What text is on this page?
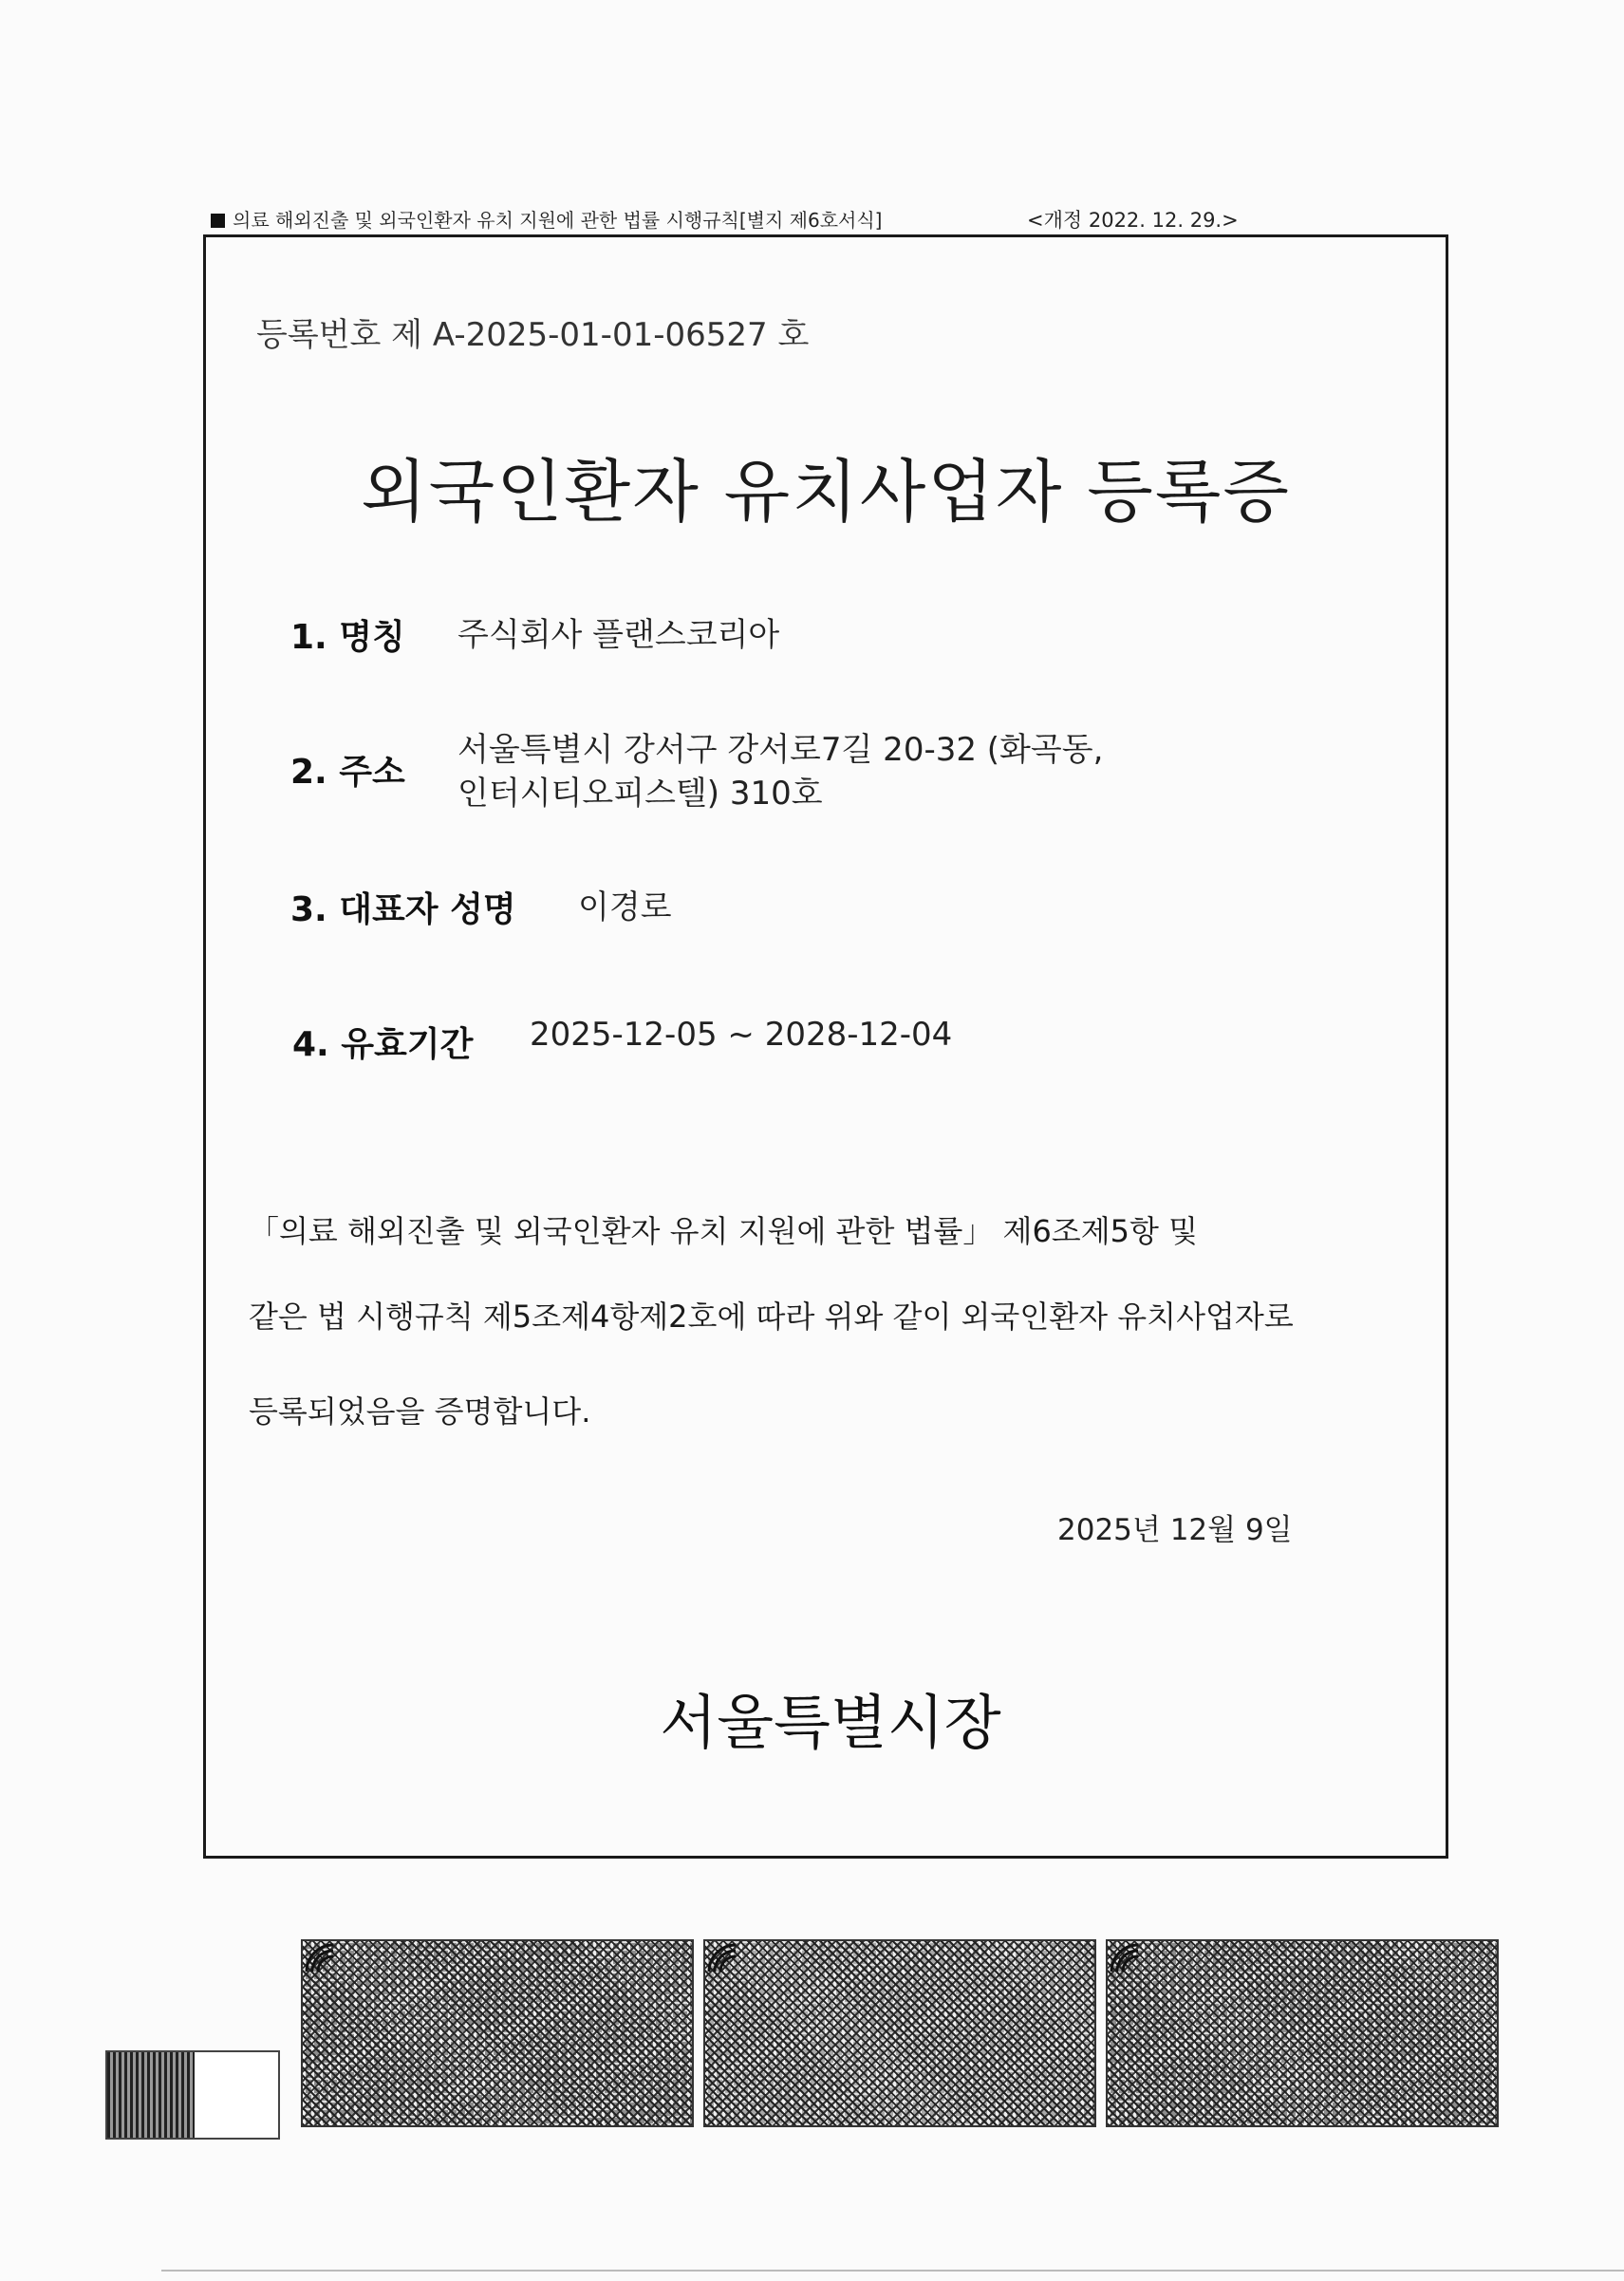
의료 해외진출 및 외국인환자 유치 지원에 관한 법률 시행규칙[별지 제6호서식]	<개정 2022. 12. 29.>
등록번호 제 A-2025-01-01-06527 호
외국인환자 유치사업자 등록증
1. 명칭 주식회사 플랜스코리아
2. 주소
서울특별시 강서구 강서로7길 20-32 (화곡동,
인터시티오피스텔) 310호
3. 대표자 성명 이경로
4. 유효기간 2025-12-05 ~ 2028-12-04
「의료 해외진출 및 외국인환자 유치 지원에 관한 법률」 제6조제5항 및
같은 법 시행규칙 제5조제4항제2호에 따라 위와 같이 외국인환자 유치사업자로
등록되었음을 증명합니다.
2025년 12월 9일
서울특별시장
